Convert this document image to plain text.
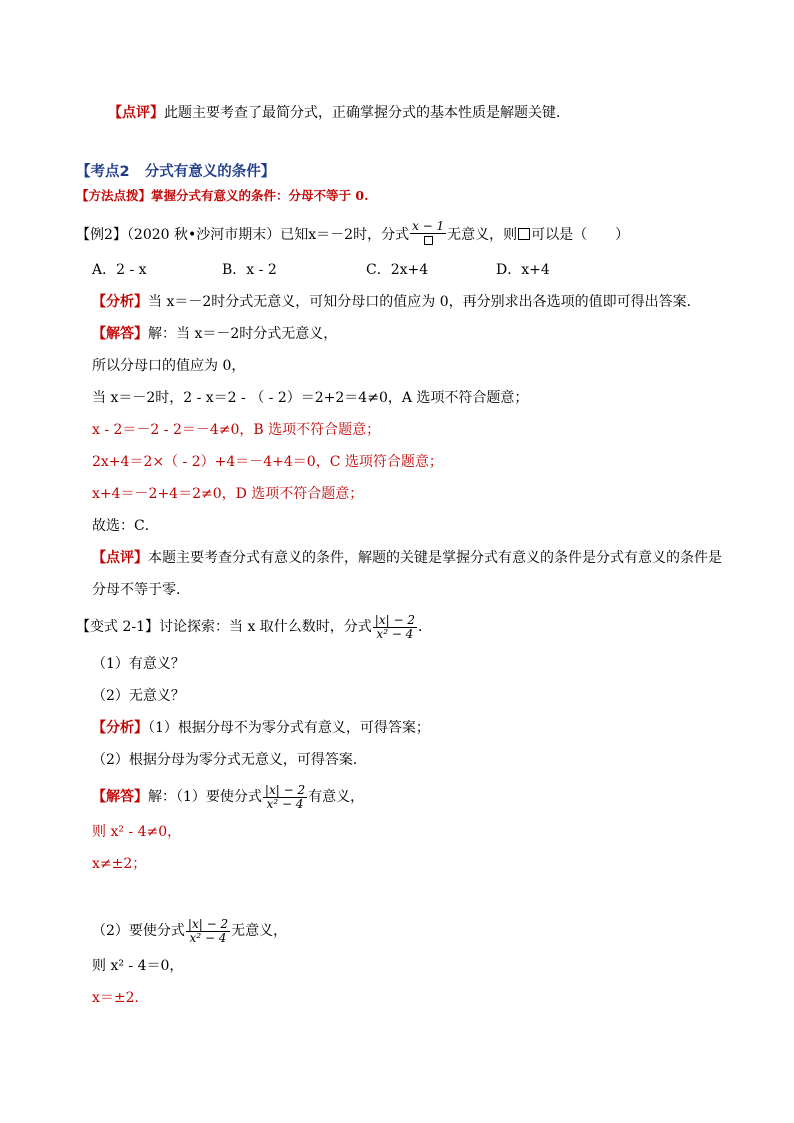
【点评】此题主要考查了最简分式，正确掌握分式的基本性质是解题关键．
【考点2 分式有意义的条件】
【方法点拨】掌握分式有意义的条件：分母不等于 0.
【例2】（2020 秋•沙河市期末）已知x＝－2时，分式
x − 1
无意义，则 可以是（　　）
A．2 - x	B．x - 2	C．2x+4	D．x+4
【分析】当 x＝－2时分式无意义，可知分母口的值应为 0，再分别求出各选项的值即可得出答案．
【解答】解：当 x＝－2时分式无意义，
所以分母口的值应为 0，
当 x＝－2时，2 - x＝2 - （ - 2）＝2+2＝4≠0，A 选项不符合题意；
x - 2＝－2 - 2＝－4≠0，B 选项不符合题意；
2x+4＝2×（ - 2）+4＝－4+4＝0，C 选项符合题意；
x+4＝－2+4＝2≠0，D 选项不符合题意；
故选：C．
【点评】本题主要考查分式有意义的条件，解题的关键是掌握分式有意义的条件是分式有意义的条件是
分母不等于零．
【变式 2-1】讨论探索：当 x 取什么数时，分式 $\frac{|x| - 2}{\text{x² − 4}}$ ．
（1）有意义？
（2）无意义？
【分析】（1）根据分母不为零分式有意义，可得答案；
（2）根据分母为零分式无意义，可得答案．
【解答】解：（1）要使分式 $\frac{|x| - 2}{\text{x² − 4}}$ 有意义，
则 x² - 4≠0，
x≠±2；
（2）要使分式 $\frac{|x| - 2}{\text{x² − 4}}$ 无意义，
则 x² - 4＝0，
x＝±2．
